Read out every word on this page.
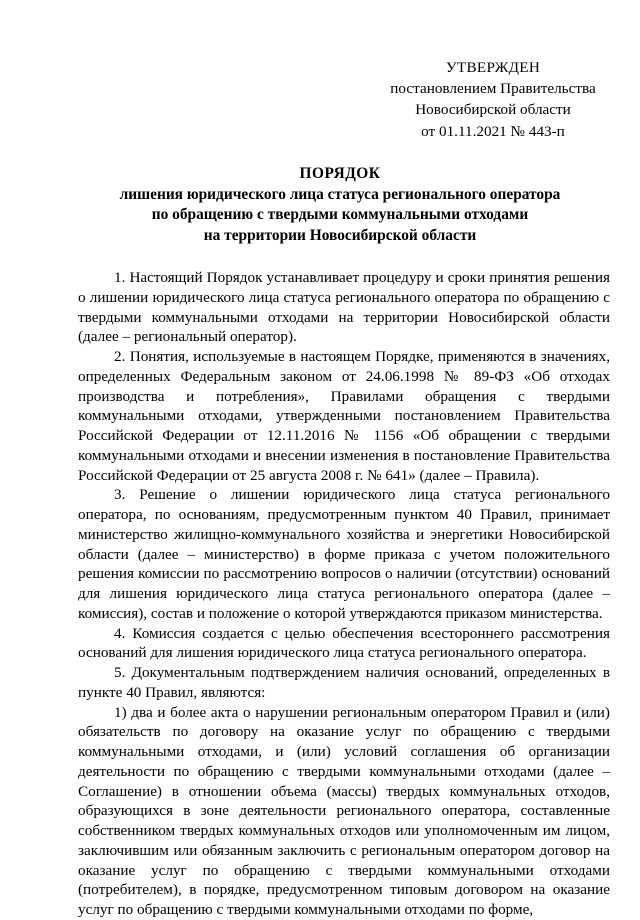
УТВЕРЖДЕН
постановлением Правительства
Новосибирской области
от 01.11.2021 № 443-п
ПОРЯДОК
лишения юридического лица статуса регионального оператора
по обращению с твердыми коммунальными отходами
на территории Новосибирской области

1. Настоящий Порядок устанавливает процедуру и сроки принятия решения о лишении юридического лица статуса регионального оператора по обращению с твердыми коммунальными отходами на территории Новосибирской области (далее – региональный оператор).

2. Понятия, используемые в настоящем Порядке, применяются в значениях, определенных Федеральным законом от 24.06.1998 № 89-ФЗ «Об отходах производства и потребления», Правилами обращения с твердыми коммунальными отходами, утвержденными постановлением Правительства Российской Федерации от 12.11.2016 № 1156 «Об обращении с твердыми коммунальными отходами и внесении изменения в постановление Правительства Российской Федерации от 25 августа 2008 г. № 641» (далее – Правила).

3. Решение о лишении юридического лица статуса регионального оператора, по основаниям, предусмотренным пунктом 40 Правил, принимает министерство жилищно-коммунального хозяйства и энергетики Новосибирской области (далее – министерство) в форме приказа с учетом положительного решения комиссии по рассмотрению вопросов о наличии (отсутствии) оснований для лишения юридического лица статуса регионального оператора (далее – комиссия), состав и положение о которой утверждаются приказом министерства.

4. Комиссия создается с целью обеспечения всестороннего рассмотрения оснований для лишения юридического лица статуса регионального оператора.

5. Документальным подтверждением наличия оснований, определенных в пункте 40 Правил, являются:

1) два и более акта о нарушении региональным оператором Правил и (или) обязательств по договору на оказание услуг по обращению с твердыми коммунальными отходами, и (или) условий соглашения об организации деятельности по обращению с твердыми коммунальными отходами (далее – Соглашение) в отношении объема (массы) твердых коммунальных отходов, образующихся в зоне деятельности регионального оператора, составленные собственником твердых коммунальных отходов или уполномоченным им лицом, заключившим или обязанным заключить с региональным оператором договор на оказание услуг по обращению с твердыми коммунальными отходами (потребителем), в порядке, предусмотренном типовым договором на оказание услуг по обращению с твердыми коммунальными отходами по форме,
